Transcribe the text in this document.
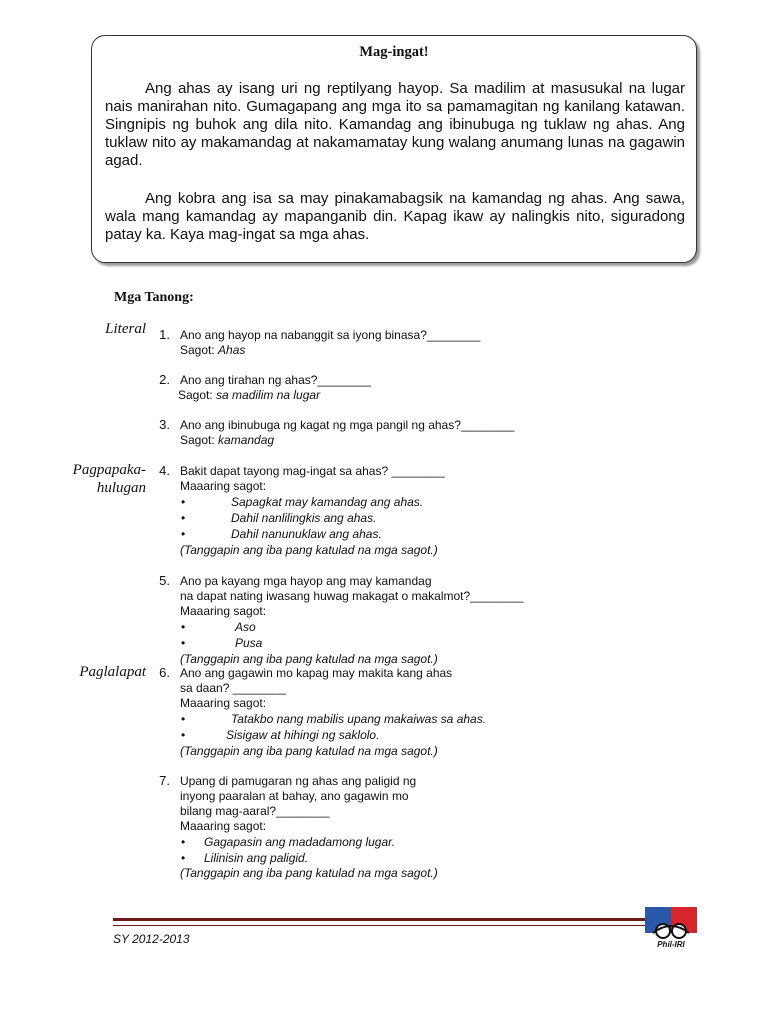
Mag-ingat!
Ang ahas ay isang uri ng reptilyang hayop. Sa madilim at masusukal na lugar nais manirahan nito. Gumagapang ang mga ito sa pamamagitan ng kanilang katawan. Singnipis ng buhok ang dila nito. Kamandag ang ibinubuga ng tuklaw ng ahas. Ang tuklaw nito ay makamandag at nakamamatay kung walang anumang lunas na gagawin agad.
Ang kobra ang isa sa may pinakamabagsik na kamandag ng ahas. Ang sawa, wala mang kamandag ay mapanganib din. Kapag ikaw ay nalingkis nito, siguradong patay ka. Kaya mag-ingat sa mga ahas.
Mga Tanong:
Literal
Pagpapaka-
hulugan
Paglalapat
1. Ano ang hayop na nabanggit sa iyong binasa?________
Sagot: Ahas
2. Ano ang tirahan ng ahas?________
Sagot: sa madilim na lugar
3. Ano ang ibinubuga ng kagat ng mga pangil ng ahas?________
Sagot: kamandag
4. Bakit dapat tayong mag-ingat sa ahas? ________
Maaaring sagot:
•	Sapagkat may kamandag ang ahas.
•	Dahil nanlilingkis ang ahas.
•	Dahil nanunuklaw ang ahas.
(Tanggapin ang iba pang katulad na mga sagot.)
5. Ano pa kayang mga hayop ang may kamandag
na dapat nating iwasang huwag makagat o makalmot?________
Maaaring sagot:
•	Aso
•	Pusa
(Tanggapin ang iba pang katulad na mga sagot.)
6. Ano ang gagawin mo kapag may makita kang ahas
sa daan? ________
Maaaring sagot:
•	Tatakbo nang mabilis upang makaiwas sa ahas.
•	Sisigaw at hihingi ng saklolo.
(Tanggapin ang iba pang katulad na mga sagot.)
7. Upang di pamugaran ng ahas ang paligid ng
inyong paaralan at bahay, ano gagawin mo
bilang mag-aaral?________
Maaaring sagot:
• Gagapasin ang madadamong lugar.
• Lilinisin ang paligid.
(Tanggapin ang iba pang katulad na mga sagot.)
SY 2012-2013	Phil-IRI
